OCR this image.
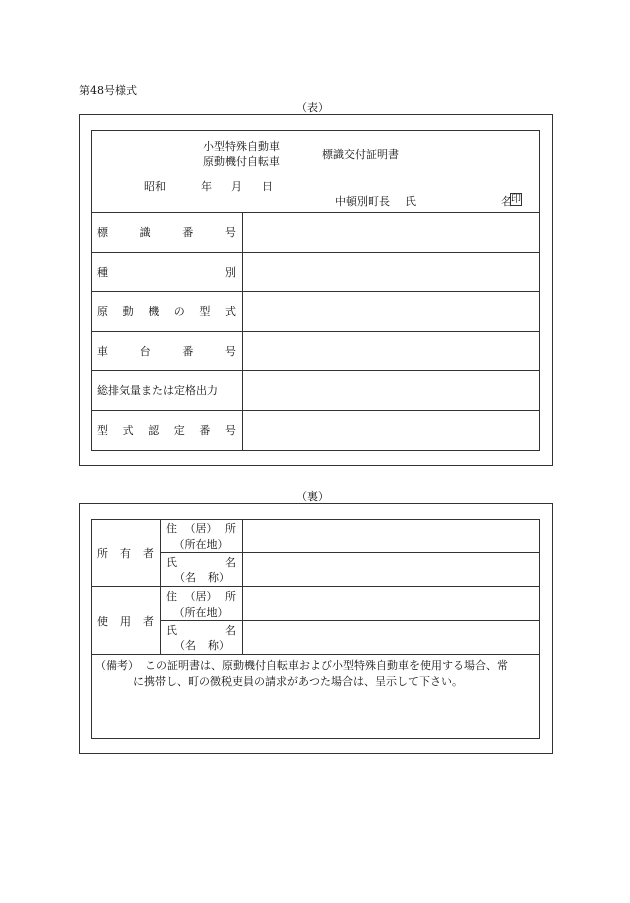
第48号様式
（表）
小型特殊自動車
原動機付自転車
標識交付証明書
昭和	年 月 日
中頓別町長 氏	名 印
標	識	番	号
種	別
原 動 機 の 型 式
車	台	番	号
総排気量または定格出力
型 式 認 定 番 号
（裏）
所 有 者
住 （居） 所
（所在地）
氏	名
（名 称）
使 用 者
住 （居） 所
（所在地）
氏	名
（名 称）
（備考） この証明書は、原動機付自転車および小型特殊自動車を使用する場合、常
に携帯し、町の徴税吏員の請求があつた場合は、呈示して下さい。
